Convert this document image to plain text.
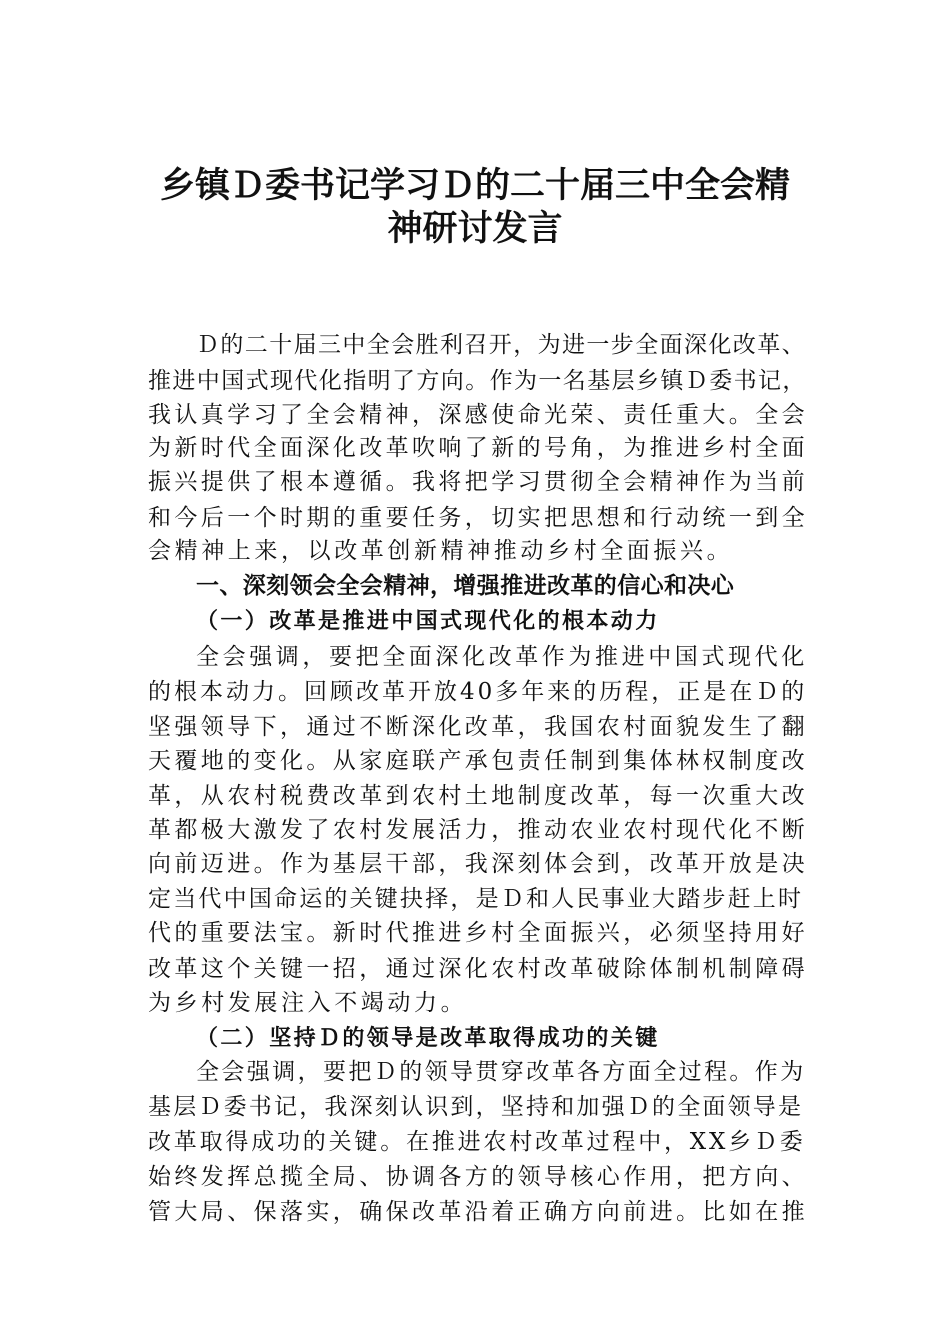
乡镇Ｄ委书记学习Ｄ的二十届三中全会精
神研讨发言
Ｄ的二十届三中全会胜利召开，为进一步全面深化改革、
推进中国式现代化指明了方向。作为一名基层乡镇Ｄ委书记，
我认真学习了全会精神，深感使命光荣、责任重大。全会
为新时代全面深化改革吹响了新的号角，为推进乡村全面
振兴提供了根本遵循。我将把学习贯彻全会精神作为当前
和今后一个时期的重要任务，切实把思想和行动统一到全
会精神上来，以改革创新精神推动乡村全面振兴。
一、深刻领会全会精神，增强推进改革的信心和决心
（一）改革是推进中国式现代化的根本动力
全会强调，要把全面深化改革作为推进中国式现代化
的根本动力。回顾改革开放40多年来的历程，正是在Ｄ的
坚强领导下，通过不断深化改革，我国农村面貌发生了翻
天覆地的变化。从家庭联产承包责任制到集体林权制度改
革，从农村税费改革到农村土地制度改革，每一次重大改
革都极大激发了农村发展活力，推动农业农村现代化不断
向前迈进。作为基层干部，我深刻体会到，改革开放是决
定当代中国命运的关键抉择，是Ｄ和人民事业大踏步赶上时
代的重要法宝。新时代推进乡村全面振兴，必须坚持用好
改革这个关键一招，通过深化农村改革破除体制机制障碍
为乡村发展注入不竭动力。
（二）坚持Ｄ的领导是改革取得成功的关键
全会强调，要把Ｄ的领导贯穿改革各方面全过程。作为
基层Ｄ委书记，我深刻认识到，坚持和加强Ｄ的全面领导是
改革取得成功的关键。在推进农村改革过程中，XX乡Ｄ委
始终发挥总揽全局、协调各方的领导核心作用，把方向、
管大局、保落实，确保改革沿着正确方向前进。比如在推
